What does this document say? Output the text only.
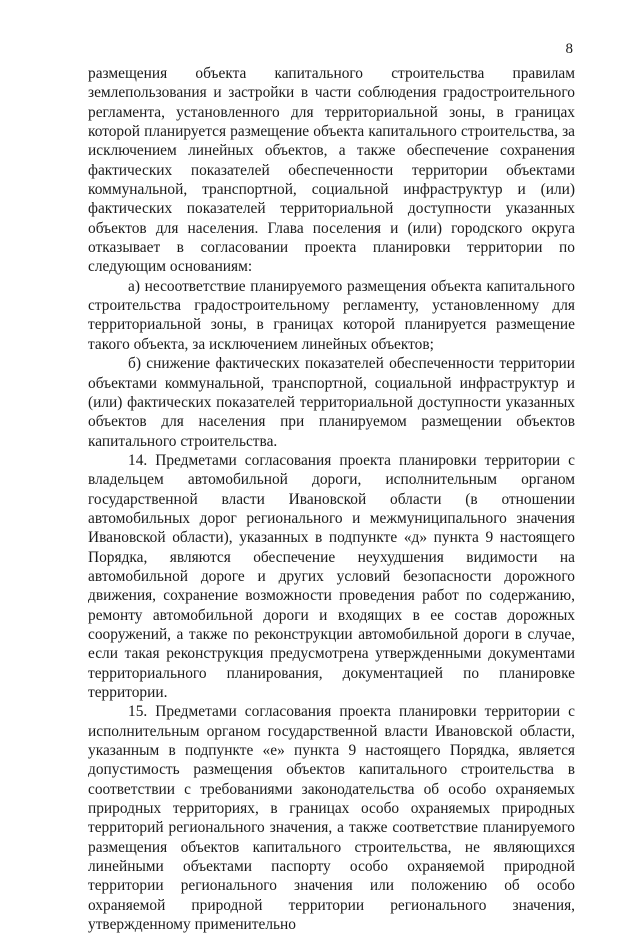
8

размещения объекта капитального строительства правилам землепользования и застройки в части соблюдения градостроительного регламента, установленного для территориальной зоны, в границах которой планируется размещение объекта капитального строительства, за исключением линейных объектов, а также обеспечение сохранения фактических показателей обеспеченности территории объектами коммунальной, транспортной, социальной инфраструктур и (или) фактических показателей территориальной доступности указанных объектов для населения. Глава поселения и (или) городского округа отказывает в согласовании проекта планировки территории по следующим основаниям:

а) несоответствие планируемого размещения объекта капитального строительства градостроительному регламенту, установленному для территориальной зоны, в границах которой планируется размещение такого объекта, за исключением линейных объектов;

б) снижение фактических показателей обеспеченности территории объектами коммунальной, транспортной, социальной инфраструктур и (или) фактических показателей территориальной доступности указанных объектов для населения при планируемом размещении объектов капитального строительства.

14. Предметами согласования проекта планировки территории с владельцем автомобильной дороги, исполнительным органом государственной власти Ивановской области (в отношении автомобильных дорог регионального и межмуниципального значения Ивановской области), указанных в подпункте «д» пункта 9 настоящего Порядка, являются обеспечение неухудшения видимости на автомобильной дороге и других условий безопасности дорожного движения, сохранение возможности проведения работ по содержанию, ремонту автомобильной дороги и входящих в ее состав дорожных сооружений, а также по реконструкции автомобильной дороги в случае, если такая реконструкция предусмотрена утвержденными документами территориального планирования, документацией по планировке территории.

15. Предметами согласования проекта планировки территории с исполнительным органом государственной власти Ивановской области, указанным в подпункте «е» пункта 9 настоящего Порядка, является допустимость размещения объектов капитального строительства в соответствии с требованиями законодательства об особо охраняемых природных территориях, в границах особо охраняемых природных территорий регионального значения, а также соответствие планируемого размещения объектов капитального строительства, не являющихся линейными объектами паспорту особо охраняемой природной территории регионального значения или положению об особо охраняемой природной территории регионального значения, утвержденному применительно
